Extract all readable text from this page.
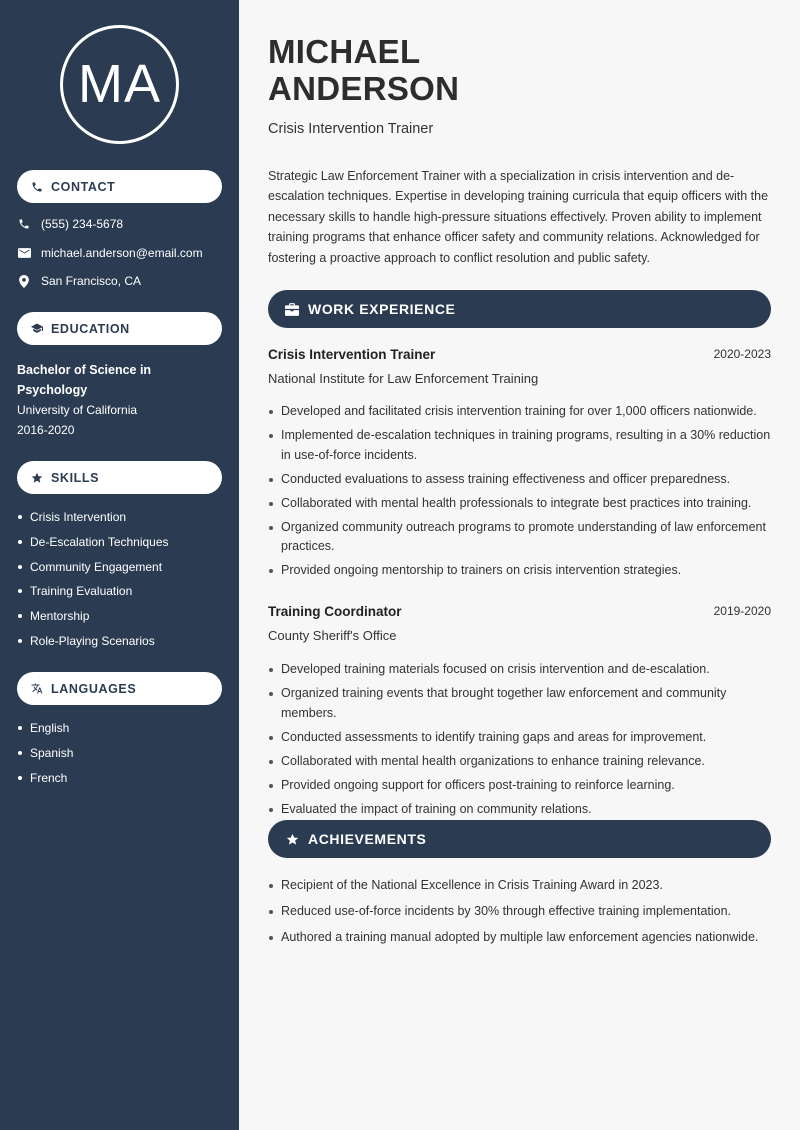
MA
CONTACT
(555) 234-5678
michael.anderson@email.com
San Francisco, CA
EDUCATION
Bachelor of Science in Psychology
University of California
2016-2020
SKILLS
Crisis Intervention
De-Escalation Techniques
Community Engagement
Training Evaluation
Mentorship
Role-Playing Scenarios
LANGUAGES
English
Spanish
French
MICHAEL
ANDERSON
Crisis Intervention Trainer
Strategic Law Enforcement Trainer with a specialization in crisis intervention and de-escalation techniques. Expertise in developing training curricula that equip officers with the necessary skills to handle high-pressure situations effectively. Proven ability to implement training programs that enhance officer safety and community relations. Acknowledged for fostering a proactive approach to conflict resolution and public safety.
WORK EXPERIENCE
Crisis Intervention Trainer	2020-2023
National Institute for Law Enforcement Training
Developed and facilitated crisis intervention training for over 1,000 officers nationwide.
Implemented de-escalation techniques in training programs, resulting in a 30% reduction in use-of-force incidents.
Conducted evaluations to assess training effectiveness and officer preparedness.
Collaborated with mental health professionals to integrate best practices into training.
Organized community outreach programs to promote understanding of law enforcement practices.
Provided ongoing mentorship to trainers on crisis intervention strategies.
Training Coordinator	2019-2020
County Sheriff's Office
Developed training materials focused on crisis intervention and de-escalation.
Organized training events that brought together law enforcement and community members.
Conducted assessments to identify training gaps and areas for improvement.
Collaborated with mental health organizations to enhance training relevance.
Provided ongoing support for officers post-training to reinforce learning.
Evaluated the impact of training on community relations.
ACHIEVEMENTS
Recipient of the National Excellence in Crisis Training Award in 2023.
Reduced use-of-force incidents by 30% through effective training implementation.
Authored a training manual adopted by multiple law enforcement agencies nationwide.
